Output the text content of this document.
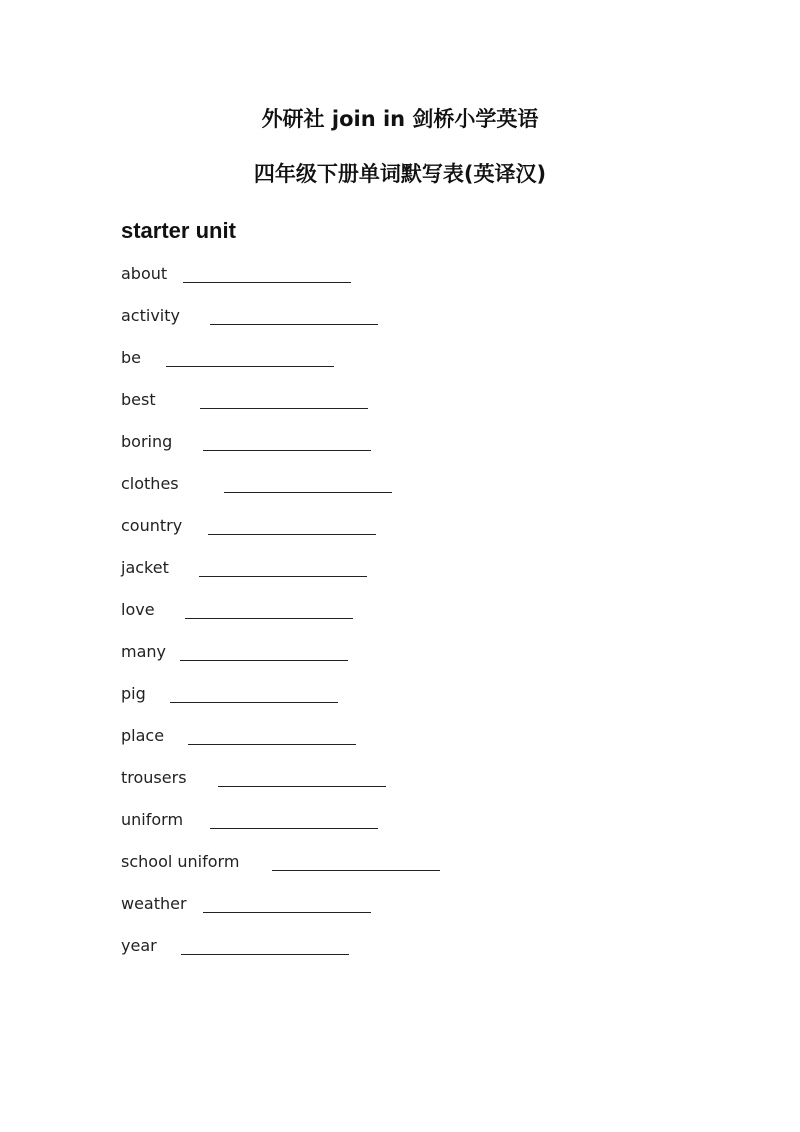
外研社 join in 剑桥小学英语
四年级下册单词默写表(英译汉)
starter unit
about
activity
be
best
boring
clothes
country
jacket
love
many
pig
place
trousers
uniform
school uniform
weather
year
